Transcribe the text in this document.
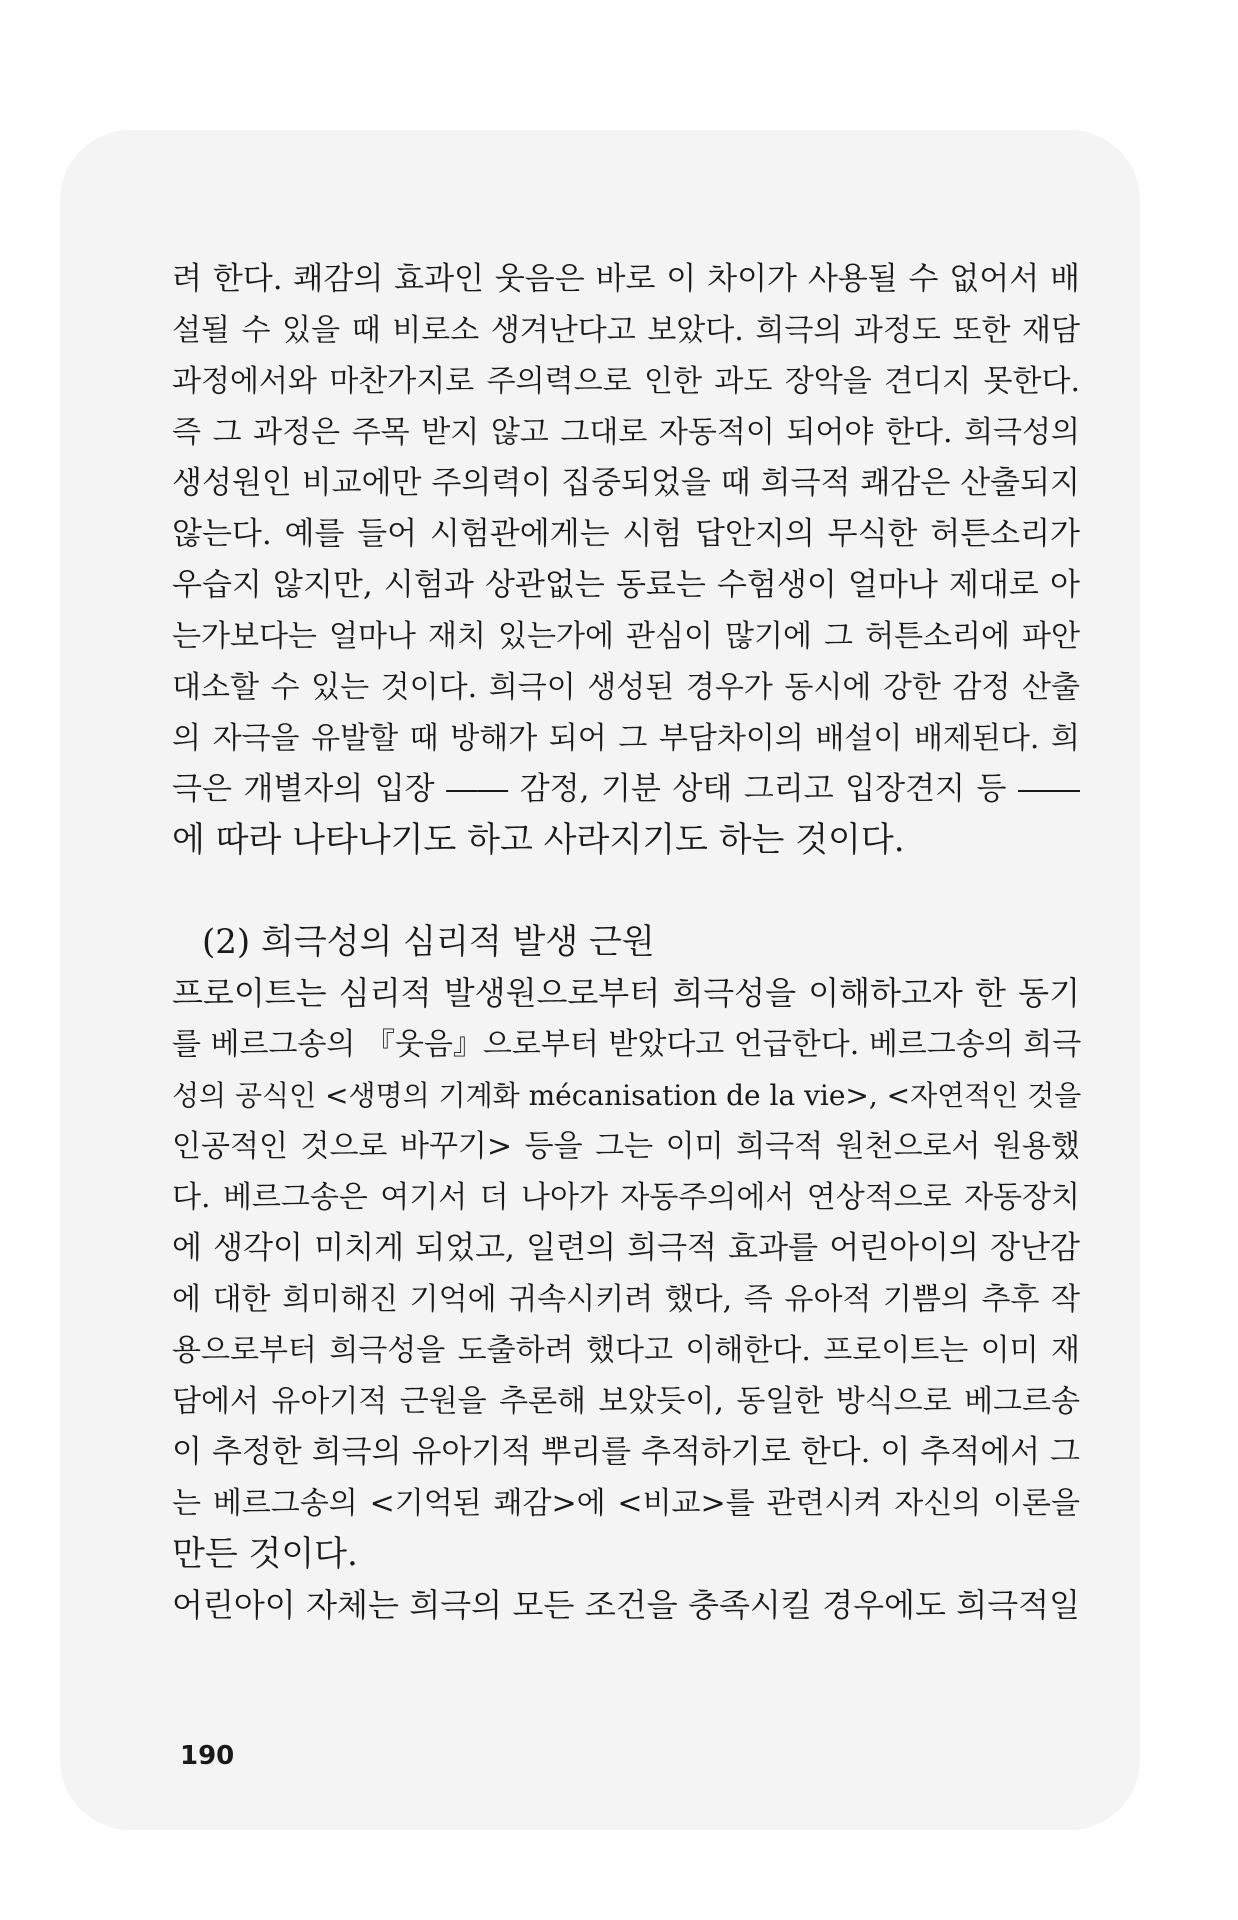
려 한다. 쾌감의 효과인 웃음은 바로 이 차이가 사용될 수 없어서 배
설될 수 있을 때 비로소 생겨난다고 보았다. 희극의 과정도 또한 재담
과정에서와 마찬가지로 주의력으로 인한 과도 장악을 견디지 못한다.
즉 그 과정은 주목 받지 않고 그대로 자동적이 되어야 한다. 희극성의
생성원인 비교에만 주의력이 집중되었을 때 희극적 쾌감은 산출되지
않는다. 예를 들어 시험관에게는 시험 답안지의 무식한 허튼소리가
우습지 않지만, 시험과 상관없는 동료는 수험생이 얼마나 제대로 아
는가보다는 얼마나 재치 있는가에 관심이 많기에 그 허튼소리에 파안
대소할 수 있는 것이다. 희극이 생성된 경우가 동시에 강한 감정 산출
의 자극을 유발할 때 방해가 되어 그 부담차이의 배설이 배제된다. 희
극은 개별자의 입장 ―― 감정, 기분 상태 그리고 입장견지 등 ――
에 따라 나타나기도 하고 사라지기도 하는 것이다.
(2) 희극성의 심리적 발생 근원
프로이트는 심리적 발생원으로부터 희극성을 이해하고자 한 동기
를 베르그송의 『웃음』으로부터 받았다고 언급한다. 베르그송의 희극
성의 공식인 <생명의 기계화 mécanisation de la vie>, <자연적인 것을
인공적인 것으로 바꾸기> 등을 그는 이미 희극적 원천으로서 원용했
다. 베르그송은 여기서 더 나아가 자동주의에서 연상적으로 자동장치
에 생각이 미치게 되었고, 일련의 희극적 효과를 어린아이의 장난감
에 대한 희미해진 기억에 귀속시키려 했다, 즉 유아적 기쁨의 추후 작
용으로부터 희극성을 도출하려 했다고 이해한다. 프로이트는 이미 재
담에서 유아기적 근원을 추론해 보았듯이, 동일한 방식으로 베그르송
이 추정한 희극의 유아기적 뿌리를 추적하기로 한다. 이 추적에서 그
는 베르그송의 <기억된 쾌감>에 <비교>를 관련시켜 자신의 이론을
만든 것이다.
어린아이 자체는 희극의 모든 조건을 충족시킬 경우에도 희극적일
190
